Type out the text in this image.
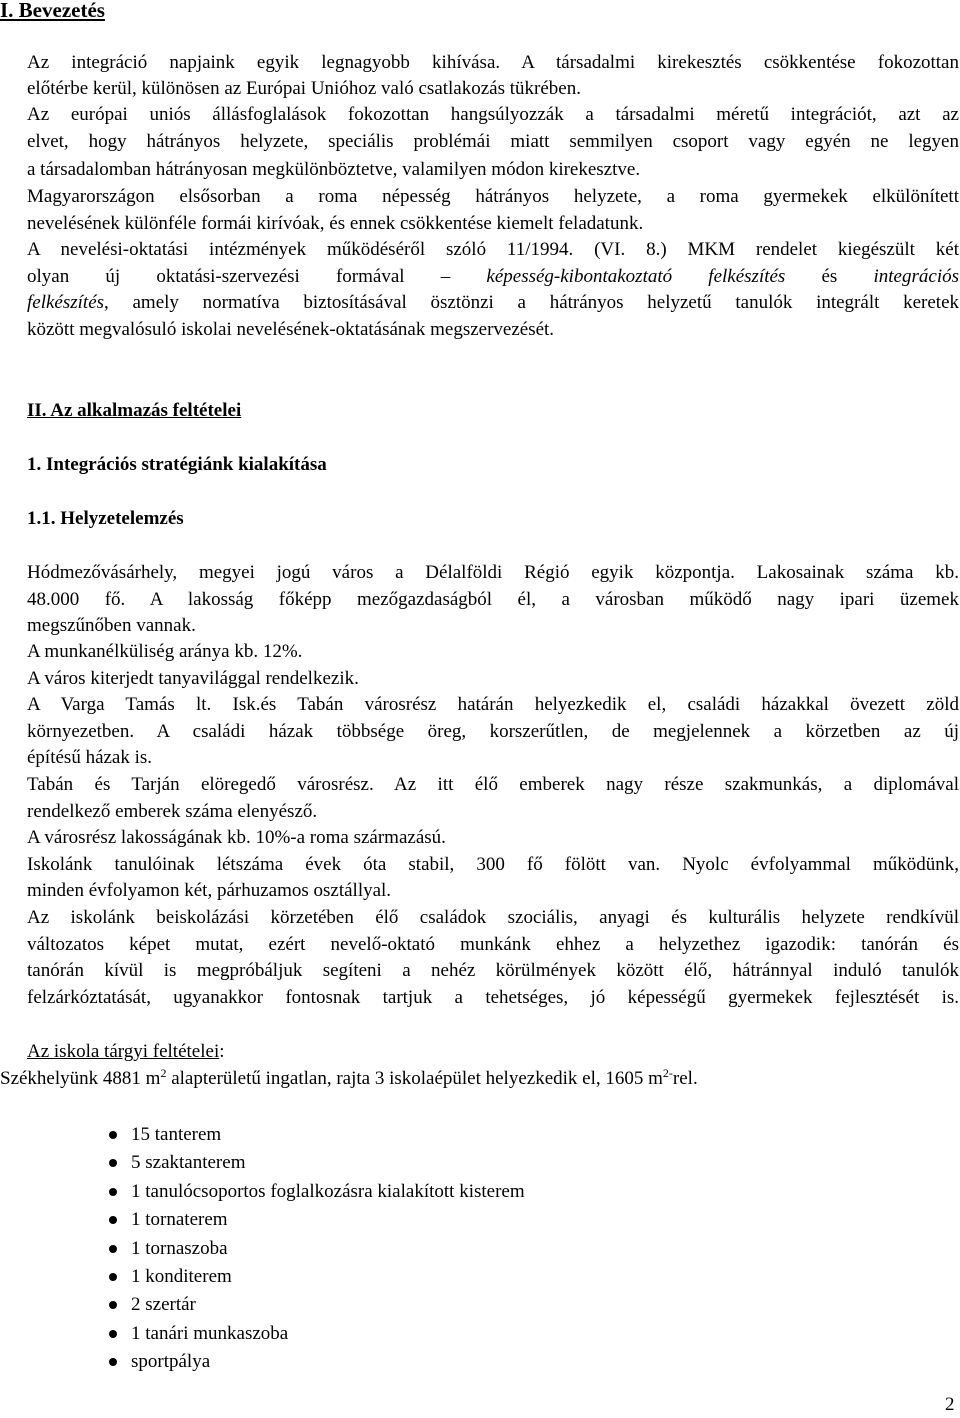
I. Bevezetés
Az integráció napjaink egyik legnagyobb kihívása. A társadalmi kirekesztés csökkentése fokozottan
előtérbe kerül, különösen az Európai Unióhoz való csatlakozás tükrében.
Az európai uniós állásfoglalások fokozottan hangsúlyozzák a társadalmi méretű integrációt, azt az
elvet, hogy hátrányos helyzete, speciális problémái miatt semmilyen csoport vagy egyén ne legyen
a társadalomban hátrányosan megkülönböztetve, valamilyen módon kirekesztve.
Magyarországon elsősorban a roma népesség hátrányos helyzete, a roma gyermekek elkülönített
nevelésének különféle formái kirívóak, és ennek csökkentése kiemelt feladatunk.
A nevelési-oktatási intézmények működéséről szóló 11/1994. (VI. 8.) MKM rendelet kiegészült két
olyan új oktatási-szervezési formával – képesség-kibontakoztató felkészítés és integrációs
felkészítés, amely normatíva biztosításával ösztönzi a hátrányos helyzetű tanulók integrált keretek
között megvalósuló iskolai nevelésének-oktatásának megszervezését.
II. Az alkalmazás feltételei
1. Integrációs stratégiánk kialakítása
1.1. Helyzetelemzés
Hódmezővásárhely, megyei jogú város a Délalföldi Régió egyik központja. Lakosainak száma kb.
48.000 fő. A lakosság főképp mezőgazdaságból él, a városban működő nagy ipari üzemek
megszűnőben vannak.
A munkanélküliség aránya kb. 12%.
A város kiterjedt tanyavilággal rendelkezik.
A Varga Tamás lt. Isk.és Tabán városrész határán helyezkedik el, családi házakkal övezett zöld
környezetben. A családi házak többsége öreg, korszerűtlen, de megjelennek a körzetben az új
építésű házak is.
Tabán és Tarján elöregedő városrész. Az itt élő emberek nagy része szakmunkás, a diplomával
rendelkező emberek száma elenyésző.
A városrész lakosságának kb. 10%-a roma származású.
Iskolánk tanulóinak létszáma évek óta stabil, 300 fő fölött van. Nyolc évfolyammal működünk,
minden évfolyamon két, párhuzamos osztállyal.
Az iskolánk beiskolázási körzetében élő családok szociális, anyagi és kulturális helyzete rendkívül
változatos képet mutat, ezért nevelő-oktató munkánk ehhez a helyzethez igazodik: tanórán és
tanórán kívül is megpróbáljuk segíteni a nehéz körülmények között élő, hátránnyal induló tanulók
felzárkóztatását, ugyanakkor fontosnak tartjuk a tehetséges, jó képességű gyermekek fejlesztését is.
Az iskola tárgyi feltételei:
Székhelyünk 4881 $m^2$ alapterületű ingatlan, rajta 3 iskolaépület helyezkedik el, 1605 $m^{2-}rel$.
15 tanterem
5 szaktanterem
1 tanulócsoportos foglalkozásra kialakított kisterem
1 tornaterem
1 tornaszoba
1 konditerem
2 szertár
1 tanári munkaszoba
sportpálya
2
